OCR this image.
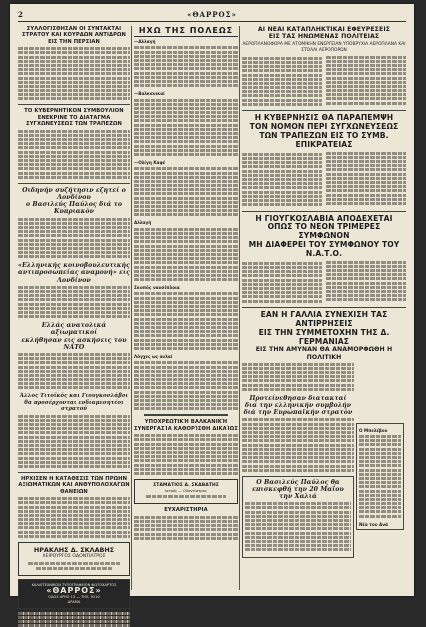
2	«ΘΑΡΡΟΣ»
ΣΥΛΛΟΓΙΣΘΗΣΑΝ ΟΙ ΣΥΝΤΑΚΤΑΙ ΣΤΡΑΤΟΥ ΚΑΙ ΚΟΥΡΔΩΝ ΑΝΤΙΔΡΩΝ ΕΙΣ ΤΗΝ ΠΕΡΣΙΑΝ
ΤΟ ΚΥΒΕΡΝΗΤΙΚΟΝ ΣΥΜΒΟΥΛΙΟΝ ΕΝΕΚΡΙΝΕ ΤΟ ΔΙΑΤΑΓΜΑ ΣΥΓΧΩΝΕΥΣΕΩΣ ΤΩΝ ΤΡΑΠΕΖΩΝ
Οιδηνήν συζήτησιν εζητεί ο Λονδίνου
ο Βασιλεύς Παύλος διά το Κυπριακόν
«Ελληνικής κοινοβουλευτικής αντιπροσωπείας αναμονή» εις Λονδίνον
Ελλάς ανατολικά αξιωματικοί
εκλήθησαν εις ασκήσεις του ΝΑΤΟ
Άλλος Τιτοϊκός και Γιουγκοσλάβοι
θα προσέρχονται ενδιαμεσητέοι στρατού
ΗΡΧΙΣΕΝ Η ΚΑΤΑΘΕΣΙΣ ΤΩΝ ΠΡΩΗΝ ΑΞΙΩΜΑΤΙΚΩΝ ΚΑΙ ΑΝΘΥΠΟΛΟΧΑΓΩΝ ΘΑΝΕΙΩΝ
ΗΡΑΚΛΗΣ Δ. ΣΚΛΑΒΗΣ
ΧΕΙΡΟΥΡΓΟΣ ΟΔΟΝΤΙΑΤΡΟΣ
ΚΑΛΛΙΤΕΧΝΙΚΟΝ ΤΥΠΟΓΡΑΦΕΙΟΝ ΦΩΤΟΧΑΡΤΟΣ
«ΘΑΡΡΟΣ»
ΟΔΟΣ ΑΡΗΣ 13 — ΤΗΛ. 9110
ΔΡΑΜΑ
ΗΧΩ ΤΗΣ ΠΟΛΕΩΣ
—Αλλαγή
—Βαλκανικαί
—Ολίγη Καφέ
Αλλαγή
Σκοπός ναυσίπλοια
Λόγχες ως αυλαί
ΥΠΟΧΡΕΩΤΙΚΉ ΒΑΛΚΑΝΙΚΉ ΣΥΝΕΡΓΑΣΊΑ ΚΑΘΟΡΊΣΘΗ ΔΙΚΑΊΩΣ
ΣΤΑΜΑΤΙΟΣ Δ. ΣΚΑΒΑΤΗΣ
Ιατρός — Οδοντίατρος
ΕΥΧΑΡΙΣΤΗΡΙΑ
ΑΙ ΝΕΑΙ ΚΑΤΑΠΛΗΚΤΙΚΑΙ ΕΦΕΥΡΕΣΕΙΣ
ΕΙΣ ΤΑΣ ΗΝΩΜΕΝΑΣ ΠΟΛΙΤΕΙΑΣ
ΑΕΡΟΠΛΑΝΟΦΟΡΑ ΜΕ ΑΤΟΜΙΚΗΝ ΕΝΕΡΓΕΙΑΝ ΥΠΟΒΡΥΧΙΑ ΑΕΡΟΠΛΑΝΑ ΚΑΙ ΣΤΟΛΑΙ ΑΕΡΟΠΟΡΩΝ
Η ΚΥΒΕΡΝΗΣΙΣ ΘΑ ΠΑΡΑΠΕΜΨΗ
ΤΟΝ ΝΟΜΟΝ ΠΕΡΙ ΣΥΓΧΩΝΕΥΣΕΩΣ
ΤΩΝ ΤΡΑΠΕΖΩΝ ΕΙΣ ΤΟ ΣΥΜΒ. ΕΠΙΚΡΑΤΕΙΑΣ
Η ΓΙΟΥΓΚΟΣΛΑΒΙΑ ΑΠΟΔΕΧΕΤΑΙ
ΟΠΩΣ ΤΟ ΝΕΟΝ ΤΡΙΜΕΡΕΣ ΣΥΜΦΩΝΟΝ
ΜΗ ΔΙΑΦΕΡΕΙ ΤΟΥ ΣΥΜΦΩΝΟΥ ΤΟΥ Ν.Α.Τ.Ο.
ΕΑΝ Η ΓΑΛΛΙΑ ΣΥΝΕΧΙΣΗ ΤΑΣ ΑΝΤΙΡΡΗΣΕΙΣ
ΕΙΣ ΤΗΝ ΣΥΜΜΕΤΟΧΗΝ ΤΗΣ Δ. ΓΕΡΜΑΝΙΑΣ
ΕΙΣ ΤΗΝ ΑΜΥΝΑΝ ΘΑ ΑΝΑΜΟΡΦΩΘΗ Η ΠΟΛΙΤΙΚΗ
Προτείνεθησαν διατακταί
δια την ελληνικήν συμβολήν
διά την Ευρωπαϊκήν στρατόν
Ο Βασιλεύς Παύλος θα επισκεφθή την 20 Μαΐου την Χαλιά
Ο Μπελέβου
Νέα του Ανά
